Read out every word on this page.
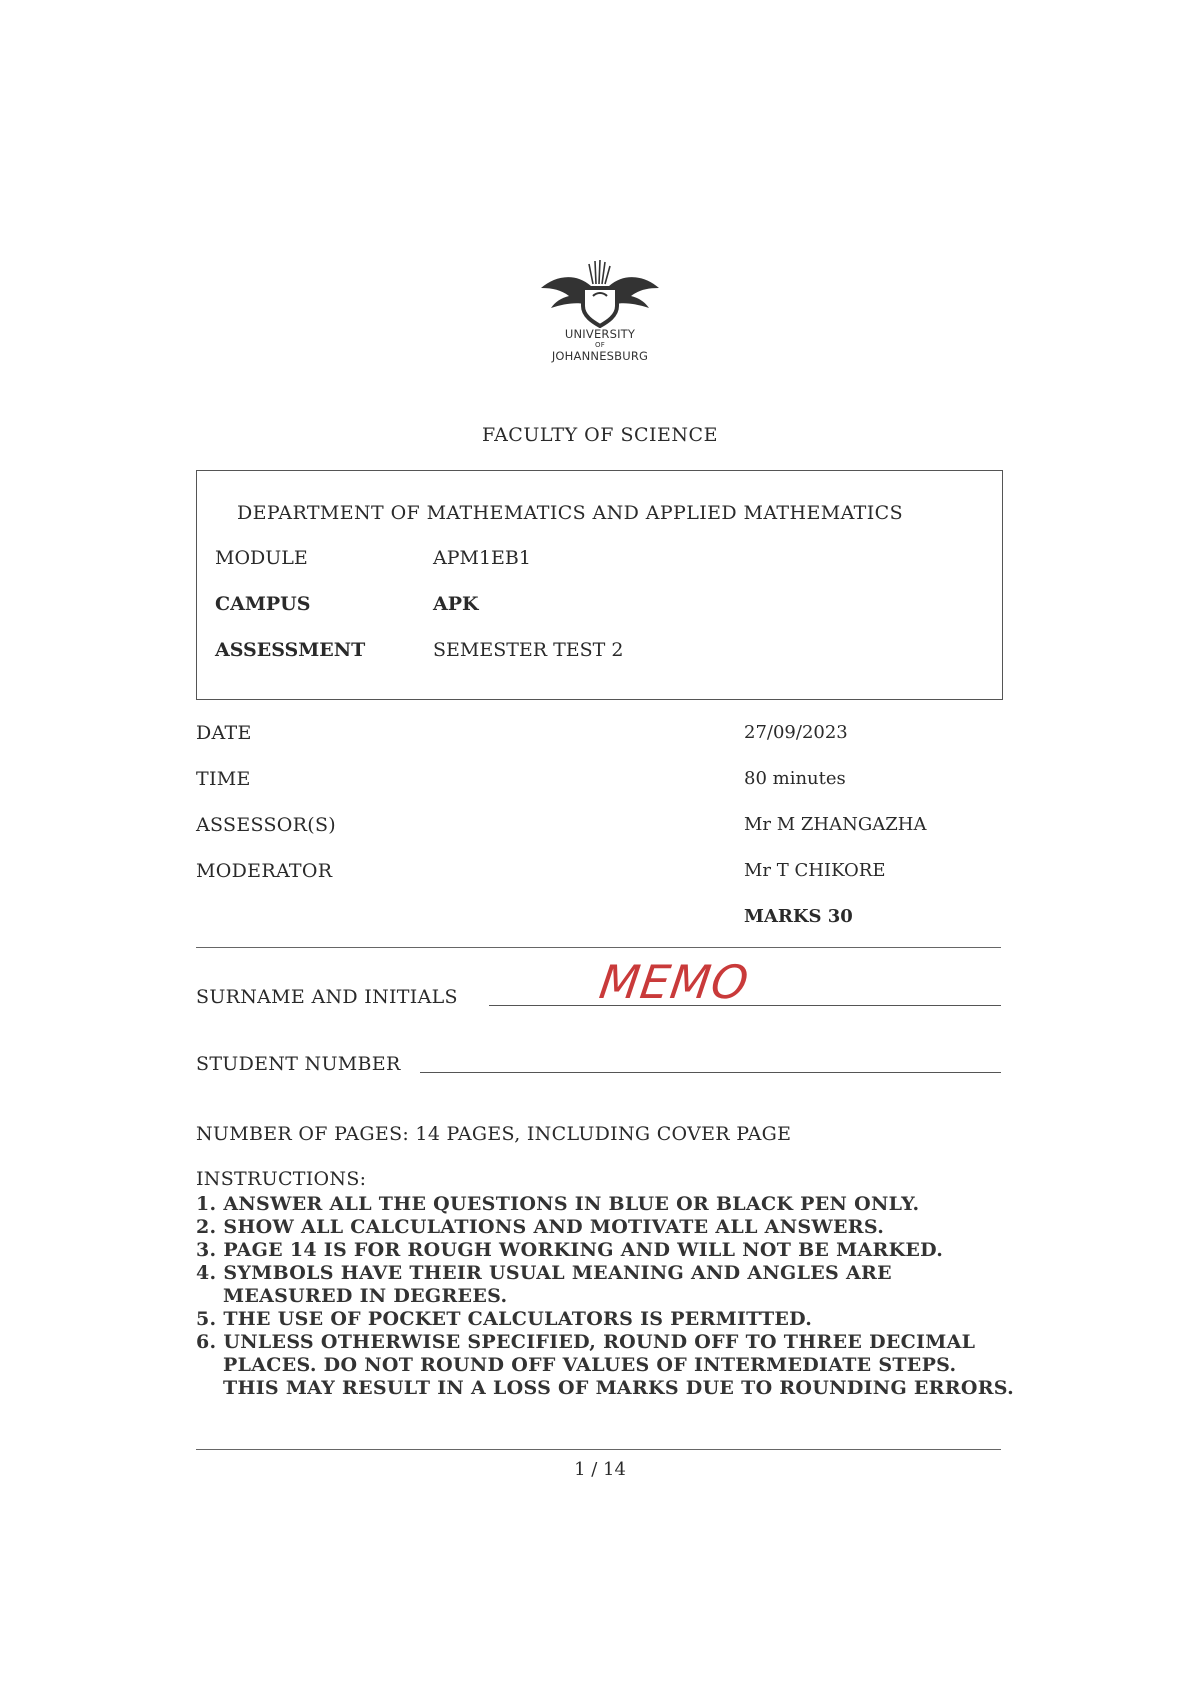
UNIVERSITY
OF
JOHANNESBURG
FACULTY OF SCIENCE
DEPARTMENT OF MATHEMATICS AND APPLIED MATHEMATICS
MODULE	APM1EB1
CAMPUS	APK
ASSESSMENT	SEMESTER TEST 2
DATE	27/09/2023
TIME	80 minutes
ASSESSOR(S)	Mr M ZHANGAZHA
MODERATOR	Mr T CHIKORE
MARKS 30
SURNAME AND INITIALS	MEMO
STUDENT NUMBER
NUMBER OF PAGES: 14 PAGES, INCLUDING COVER PAGE
INSTRUCTIONS:
1. ANSWER ALL THE QUESTIONS IN BLUE OR BLACK PEN ONLY.
2. SHOW ALL CALCULATIONS AND MOTIVATE ALL ANSWERS.
3. PAGE 14 IS FOR ROUGH WORKING AND WILL NOT BE MARKED.
4. SYMBOLS HAVE THEIR USUAL MEANING AND ANGLES ARE MEASURED IN DEGREES.
5. THE USE OF POCKET CALCULATORS IS PERMITTED.
6. UNLESS OTHERWISE SPECIFIED, ROUND OFF TO THREE DECIMAL PLACES. DO NOT ROUND OFF VALUES OF INTERMEDIATE STEPS. THIS MAY RESULT IN A LOSS OF MARKS DUE TO ROUNDING ERRORS.
1 / 14
